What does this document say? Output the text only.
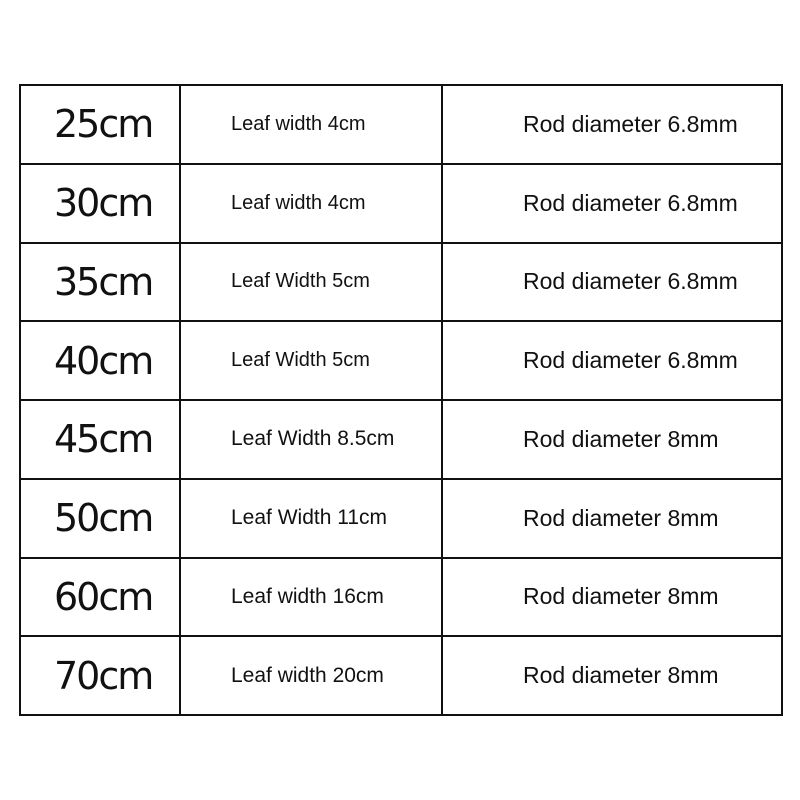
25cm	Leaf width 4cm	Rod diameter 6.8mm
30cm	Leaf width 4cm	Rod diameter 6.8mm
35cm	Leaf Width 5cm	Rod diameter 6.8mm
40cm	Leaf Width 5cm	Rod diameter 6.8mm
45cm	Leaf Width 8.5cm	Rod diameter 8mm
50cm	Leaf Width 11cm	Rod diameter 8mm
60cm	Leaf width 16cm	Rod diameter 8mm
70cm	Leaf width 20cm	Rod diameter 8mm
